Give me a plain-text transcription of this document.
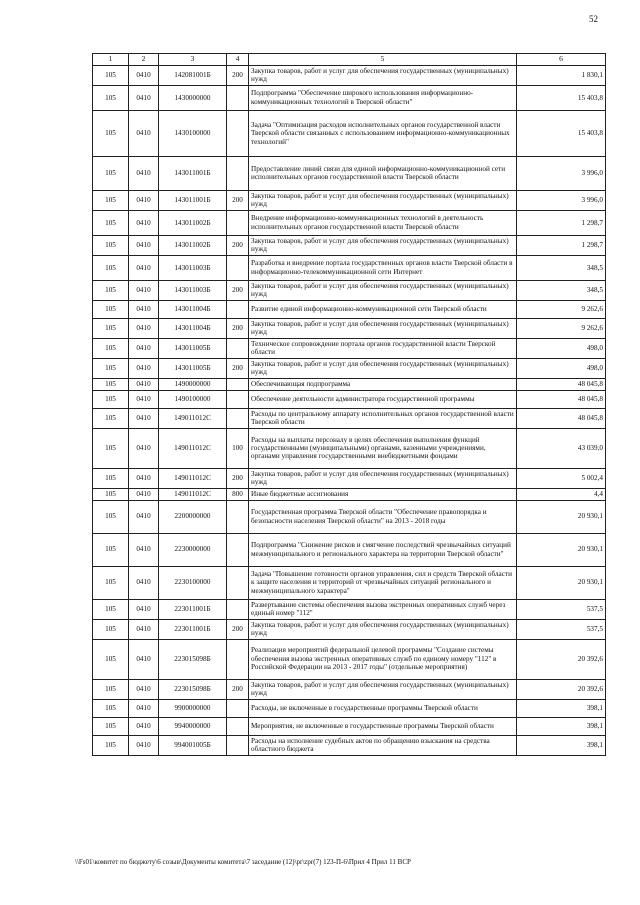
52
1	2	3	4	5	6
105	0410	142081001Б	200	Закупка товаров, работ и услуг для обеспечения государственных (муниципальных) нужд	1 830,1
105	0410	1430000000		Подпрограмма "Обеспечение широкого использования информационно-коммуникационных технологий в Тверской области"	15 403,8
105	0410	1430100000		Задача "Оптимизация расходов исполнительных органов государственной власти Тверской области связанных с использованием информационно-коммуникационных технологий"	15 403,8
105	0410	143011001Б		Предоставление линий связи для единой информационно-коммуникационной сети исполнительных органов государственной власти Тверской области	3 996,0
105	0410	143011001Б	200	Закупка товаров, работ и услуг для обеспечения государственных (муниципальных) нужд	3 996,0
105	0410	143011002Б		Внедрение информационно-коммуникационных технологий в деятельность исполнительных органов государственной власти Тверской области	1 298,7
105	0410	143011002Б	200	Закупка товаров, работ и услуг для обеспечения государственных (муниципальных) нужд	1 298,7
105	0410	143011003Б		Разработка и внедрение портала государственных органов власти Тверской области в информационно-телекоммуникационной сети Интернет	348,5
105	0410	143011003Б	200	Закупка товаров, работ и услуг для обеспечения государственных (муниципальных) нужд	348,5
105	0410	143011004Б		Развитие единой информационно-коммуникационной сети Тверской области	9 262,6
105	0410	143011004Б	200	Закупка товаров, работ и услуг для обеспечения государственных (муниципальных) нужд	9 262,6
105	0410	143011005Б		Техническое сопровождение портала органов государственной власти Тверской области	498,0
105	0410	143011005Б	200	Закупка товаров, работ и услуг для обеспечения государственных (муниципальных) нужд	498,0
105	0410	1490000000		Обеспечивающая подпрограмма	48 045,8
105	0410	1490100000		Обеспечение деятельности администратора государственной программы	48 045,8
105	0410	149011012С		Расходы по центральному аппарату исполнительных органов государственной власти Тверской области	48 045,8
105	0410	149011012С	100	Расходы на выплаты персоналу в целях обеспечения выполнения функций государственными (муниципальными) органами, казенными учреждениями, органами управления государственными внебюджетными фондами	43 039,0
105	0410	149011012С	200	Закупка товаров, работ и услуг для обеспечения государственных (муниципальных) нужд	5 002,4
105	0410	149011012С	800	Иные бюджетные ассигнования	4,4
105	0410	2200000000		Государственная программа Тверской области "Обеспечение правопорядка и безопасности населения Тверской области" на 2013 - 2018 годы	20 930,1
105	0410	2230000000		Подпрограмма "Снижение рисков и смягчение последствий чрезвычайных ситуаций межмуниципального и регионального характера на территории Тверской области"	20 930,1
105	0410	2230100000		Задача "Повышение готовности органов управления, сил и средств Тверской области к защите населения и территорий от чрезвычайных ситуаций регионального и межмуниципального характера"	20 930,1
105	0410	223011001Б		Развертывание системы обеспечения вызова экстренных оперативных служб через единый номер "112"	537,5
105	0410	223011001Б	200	Закупка товаров, работ и услуг для обеспечения государственных (муниципальных) нужд	537,5
105	0410	223015098Б		Реализация мероприятий федеральной целевой программы "Создание системы обеспечения вызова экстренных оперативных служб по единому номеру "112" в Российской Федерации на 2013 - 2017 годы" (отдельные мероприятия)	20 392,6
105	0410	223015098Б	200	Закупка товаров, работ и услуг для обеспечения государственных (муниципальных) нужд	20 392,6
105	0410	9900000000		Расходы, не включенные в государственные программы Тверской области	398,1
105	0410	9940000000		Мероприятия, не включенные в государственные программы Тверской области	398,1
105	0410	994001005Б		Расходы на исполнение судебных актов по обращению взыскания на средства областного бюджета	398,1
\\Fs01\комитет по бюджету\6 созыв\Документы комитета\7 заседание (12)\pr\zpr(7) 123-П-6\Прил 4 Прил 11 ВСР
